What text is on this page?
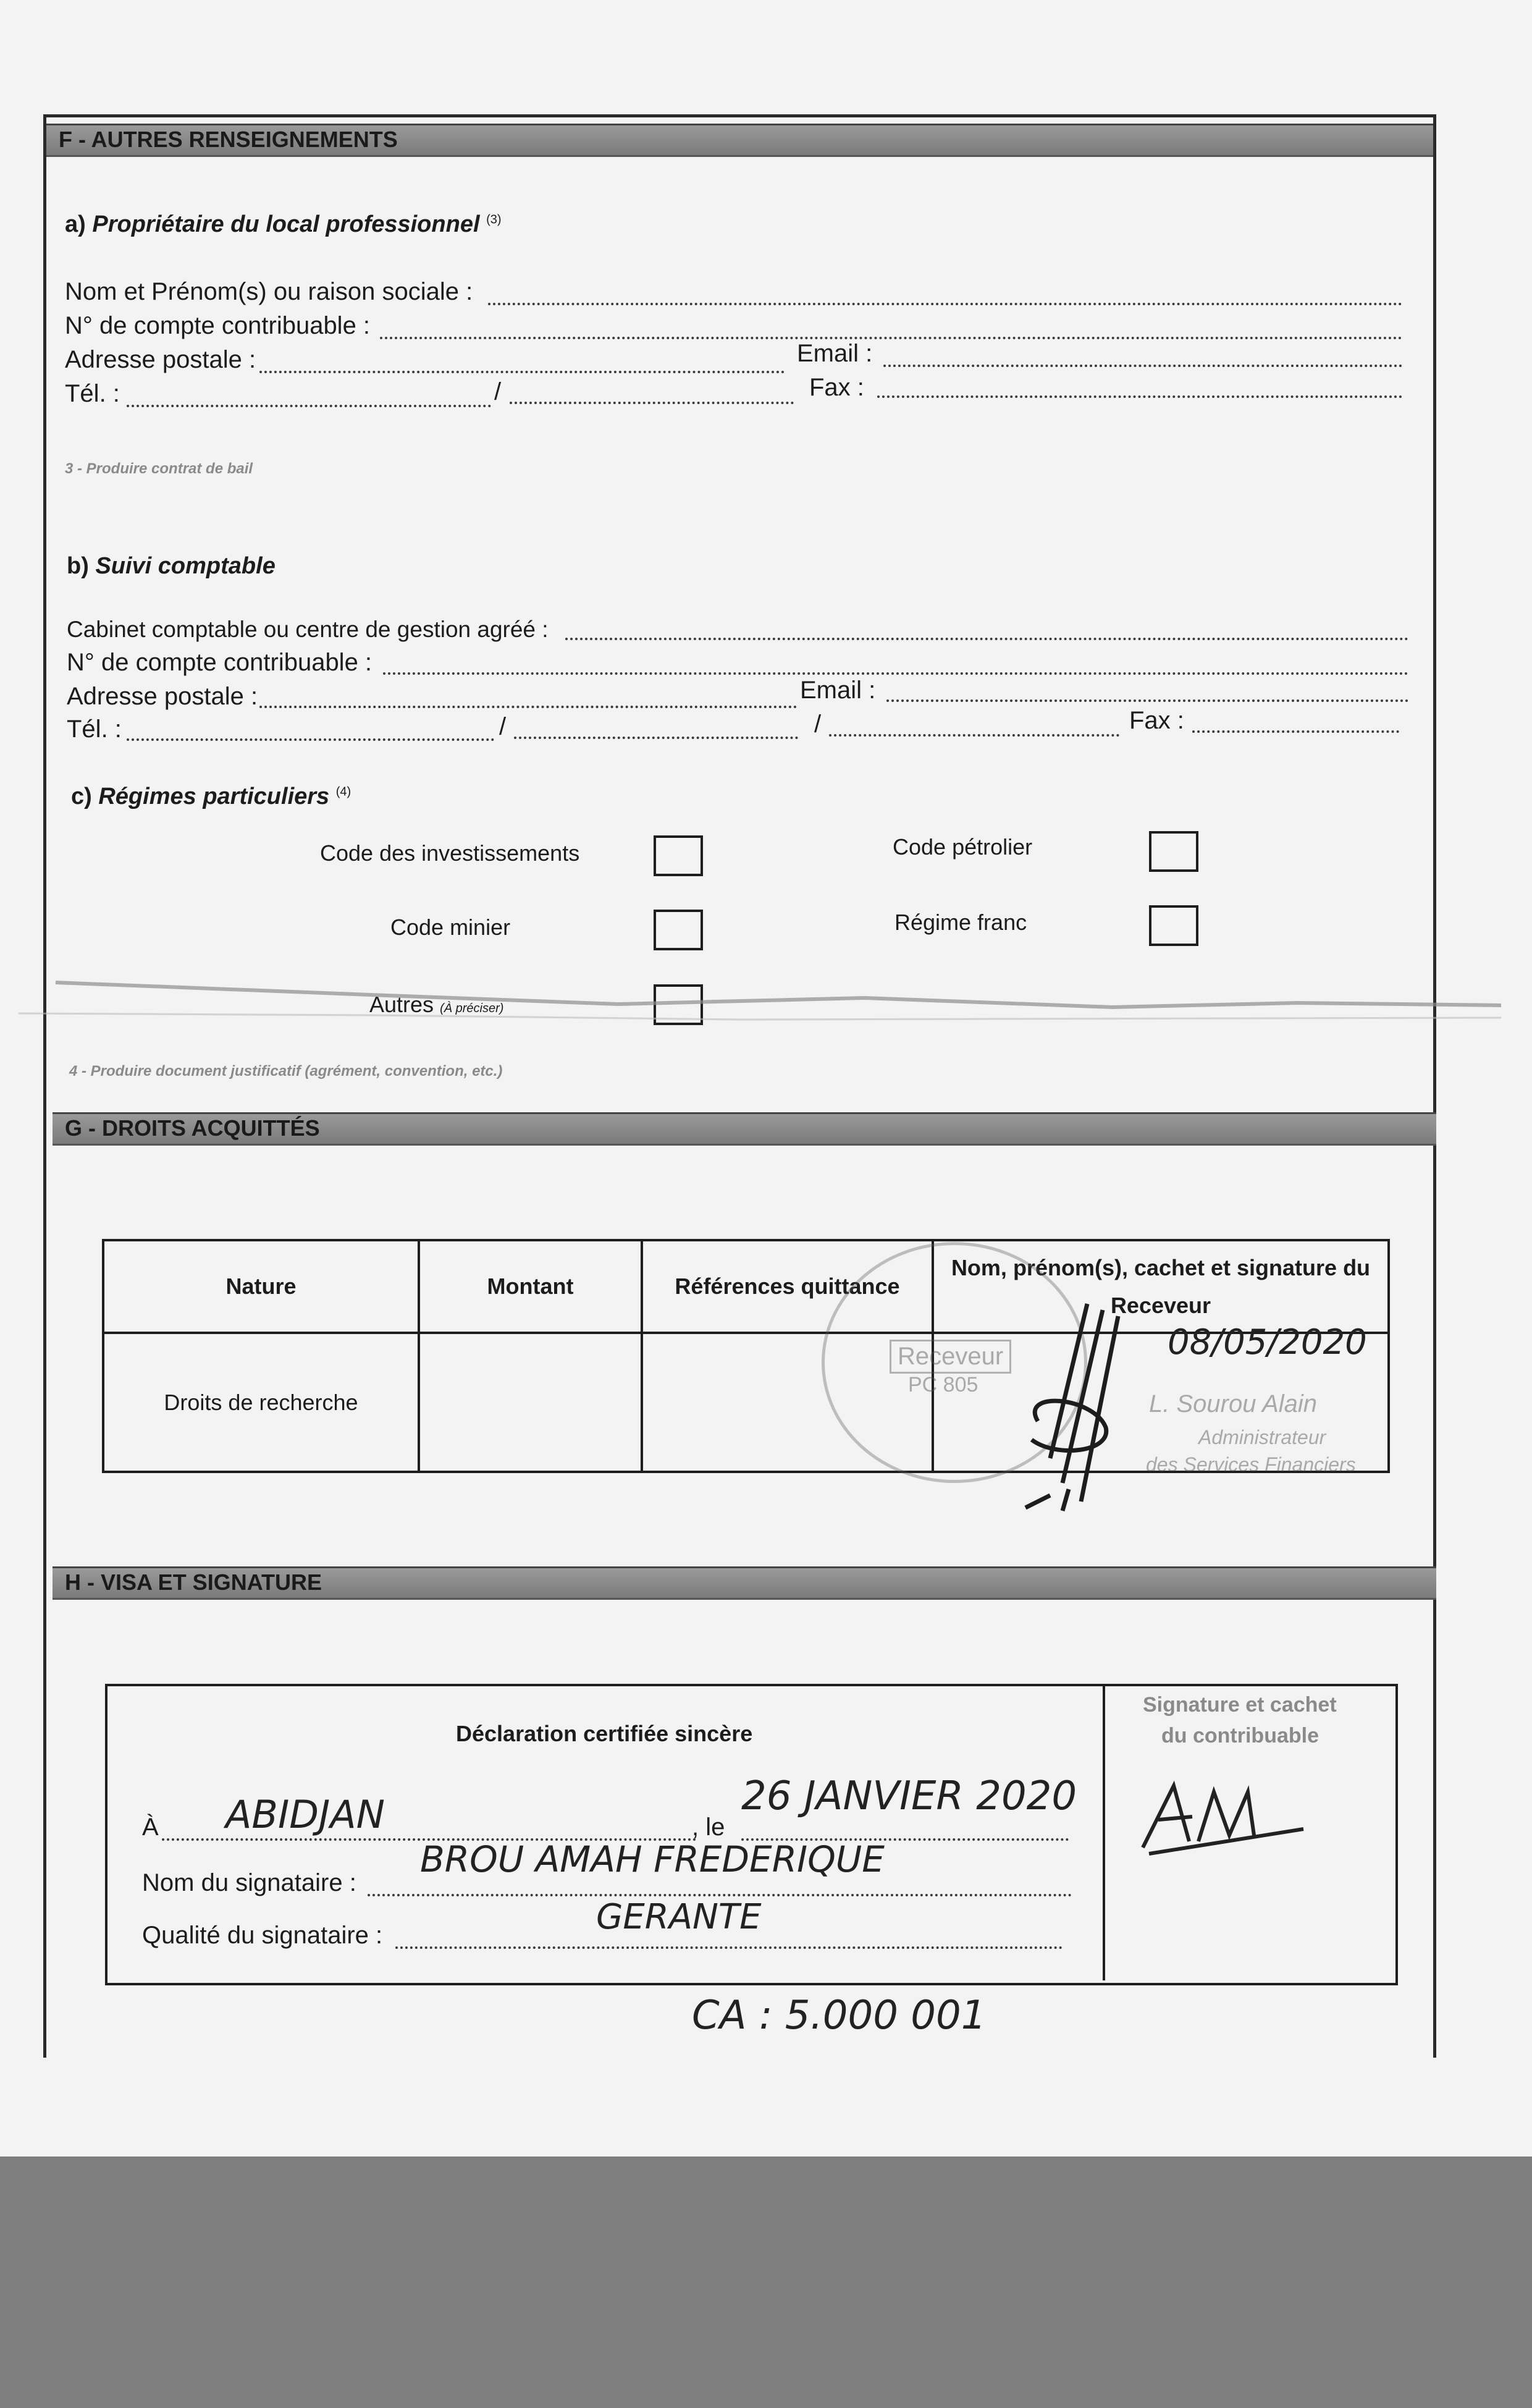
F - AUTRES RENSEIGNEMENTS
a) Propriétaire du local professionnel $^{(3)}$
Nom et Prénom(s) ou raison sociale :
N° de compte contribuable :
Adresse postale :	Email :
Tél. :	/	Fax :
3 - Produire contrat de bail
b) Suivi comptable
Cabinet comptable ou centre de gestion agréé :
N° de compte contribuable :
Adresse postale :	Email :
Tél. :	/	/	Fax :
c) Régimes particuliers $^{(4)}$
Code des investissements	Code pétrolier
Code minier	Régime franc
Autres (À préciser)
4 - Produire document justificatif (agrément, convention, etc.)
G - DROITS ACQUITTÉS
Nature	Montant	Références quittance	Nom, prénom(s), cachet et signature du Receveur
Droits de recherche			
Receveur
PC 805
08/05/2020
L. Sourou Alain
Administrateur
des Services Financiers
H - VISA ET SIGNATURE
Déclaration certifiée sincère
À ABIDJAN	, le
26 JANVIER 2020
Nom du signataire :
BROU AMAH FREDERIQUE
Qualité du signataire :	GERANTE
Signature et cachet
du contribuable
CA : 5.000 001
